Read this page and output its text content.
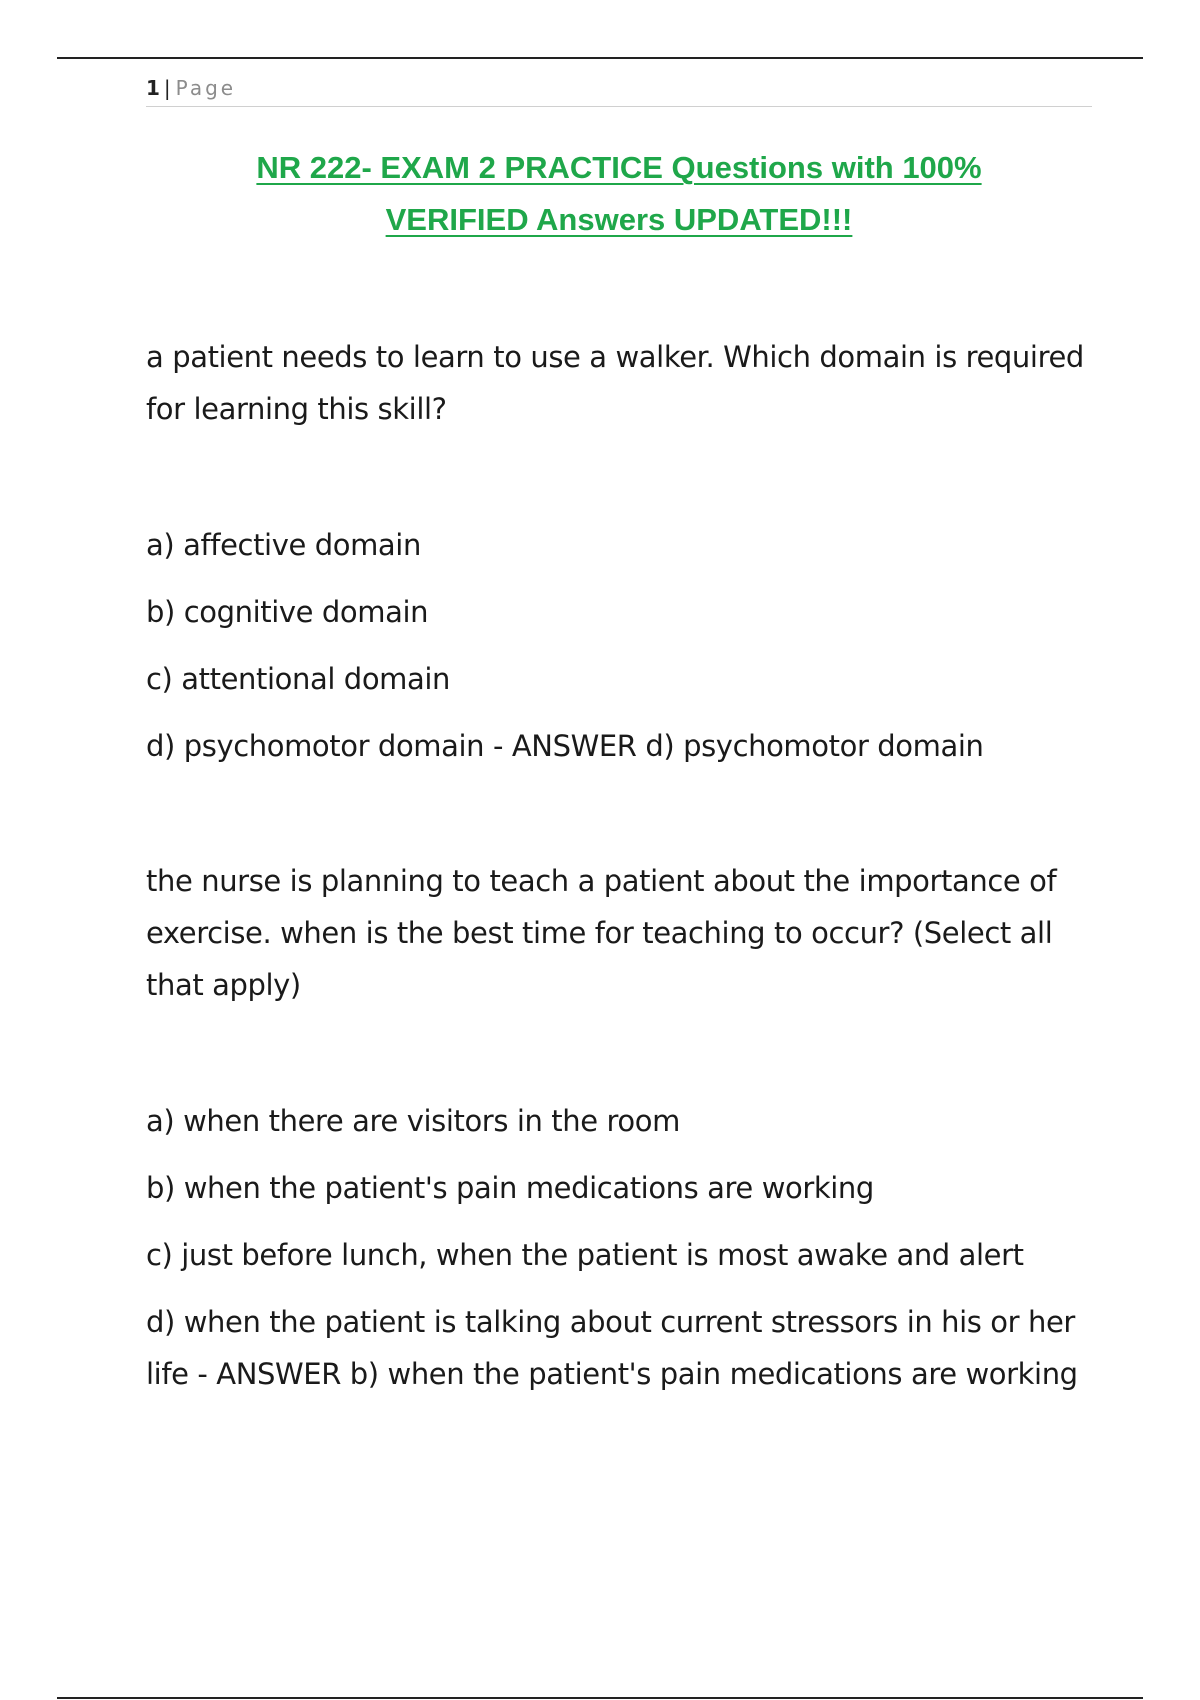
1 | Page
NR 222- EXAM 2 PRACTICE Questions with 100%
VERIFIED Answers UPDATED!!!

a patient needs to learn to use a walker. Which domain is required for learning this skill?

a) affective domain
b) cognitive domain
c) attentional domain
d) psychomotor domain - ANSWER d) psychomotor domain

the nurse is planning to teach a patient about the importance of exercise. when is the best time for teaching to occur? (Select all that apply)

a) when there are visitors in the room
b) when the patient's pain medications are working
c) just before lunch, when the patient is most awake and alert
d) when the patient is talking about current stressors in his or her life - ANSWER b) when the patient's pain medications are working
